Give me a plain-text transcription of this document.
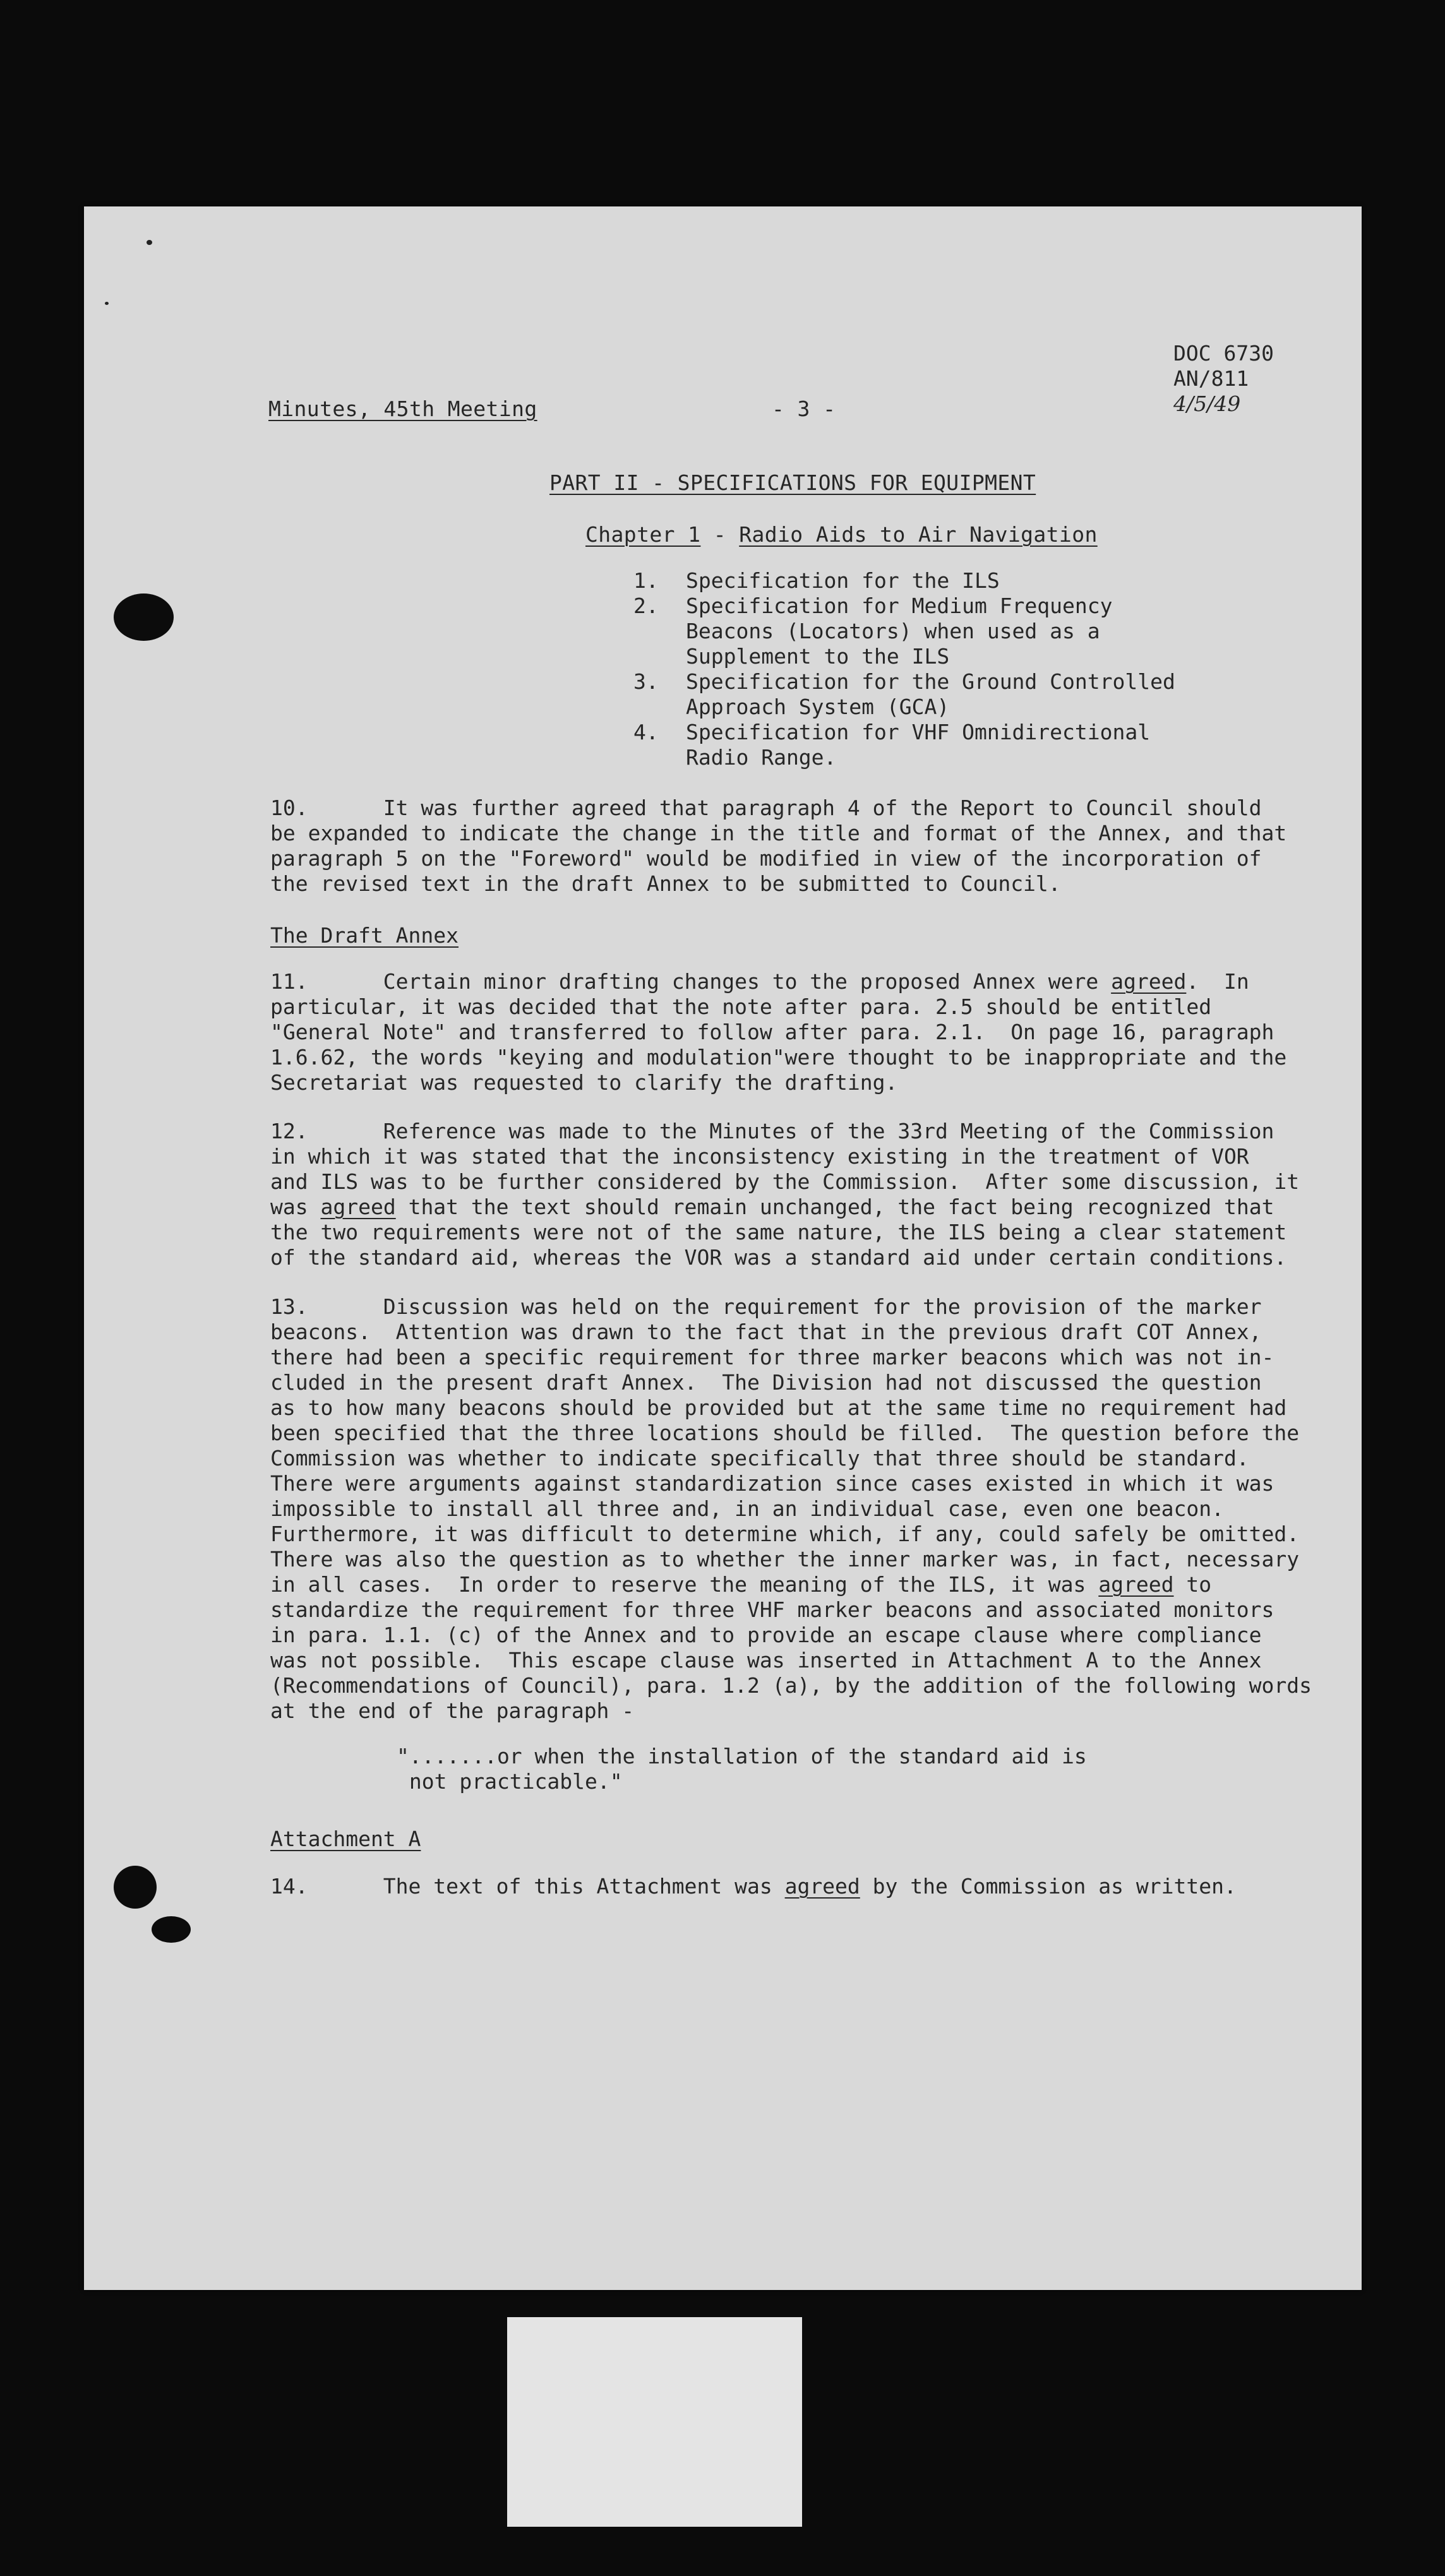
Minutes, 45th Meeting	- 3 -
DOC 6730
AN/811
4/5/49
PART II - SPECIFICATIONS FOR EQUIPMENT
Chapter 1 - Radio Aids to Air Navigation
1.	Specification for the ILS
2.	Specification for Medium Frequency
Beacons (Locators) when used as a
Supplement to the ILS
3.	Specification for the Ground Controlled
Approach System (GCA)
4.	Specification for VHF Omnidirectional
Radio Range.
10.      It was further agreed that paragraph 4 of the Report to Council should
be expanded to indicate the change in the title and format of the Annex, and that
paragraph 5 on the "Foreword" would be modified in view of the incorporation of
the revised text in the draft Annex to be submitted to Council.
The Draft Annex
11.      Certain minor drafting changes to the proposed Annex were agreed.  In
particular, it was decided that the note after para. 2.5 should be entitled
"General Note" and transferred to follow after para. 2.1.  On page 16, paragraph
1.6.62, the words "keying and modulation"were thought to be inappropriate and the
Secretariat was requested to clarify the drafting.
12.      Reference was made to the Minutes of the 33rd Meeting of the Commission
in which it was stated that the inconsistency existing in the treatment of VOR
and ILS was to be further considered by the Commission.  After some discussion, it
was agreed that the text should remain unchanged, the fact being recognized that
the two requirements were not of the same nature, the ILS being a clear statement
of the standard aid, whereas the VOR was a standard aid under certain conditions.
13.      Discussion was held on the requirement for the provision of the marker
beacons.  Attention was drawn to the fact that in the previous draft COT Annex,
there had been a specific requirement for three marker beacons which was not in-
cluded in the present draft Annex.  The Division had not discussed the question
as to how many beacons should be provided but at the same time no requirement had
been specified that the three locations should be filled.  The question before the
Commission was whether to indicate specifically that three should be standard.
There were arguments against standardization since cases existed in which it was
impossible to install all three and, in an individual case, even one beacon.
Furthermore, it was difficult to determine which, if any, could safely be omitted.
There was also the question as to whether the inner marker was, in fact, necessary
in all cases.  In order to reserve the meaning of the ILS, it was agreed to
standardize the requirement for three VHF marker beacons and associated monitors
in para. 1.1. (c) of the Annex and to provide an escape clause where compliance
was not possible.  This escape clause was inserted in Attachment A to the Annex
(Recommendations of Council), para. 1.2 (a), by the addition of the following words
at the end of the paragraph -
".......or when the installation of the standard aid is
not practicable."
Attachment A
14.      The text of this Attachment was agreed by the Commission as written.
